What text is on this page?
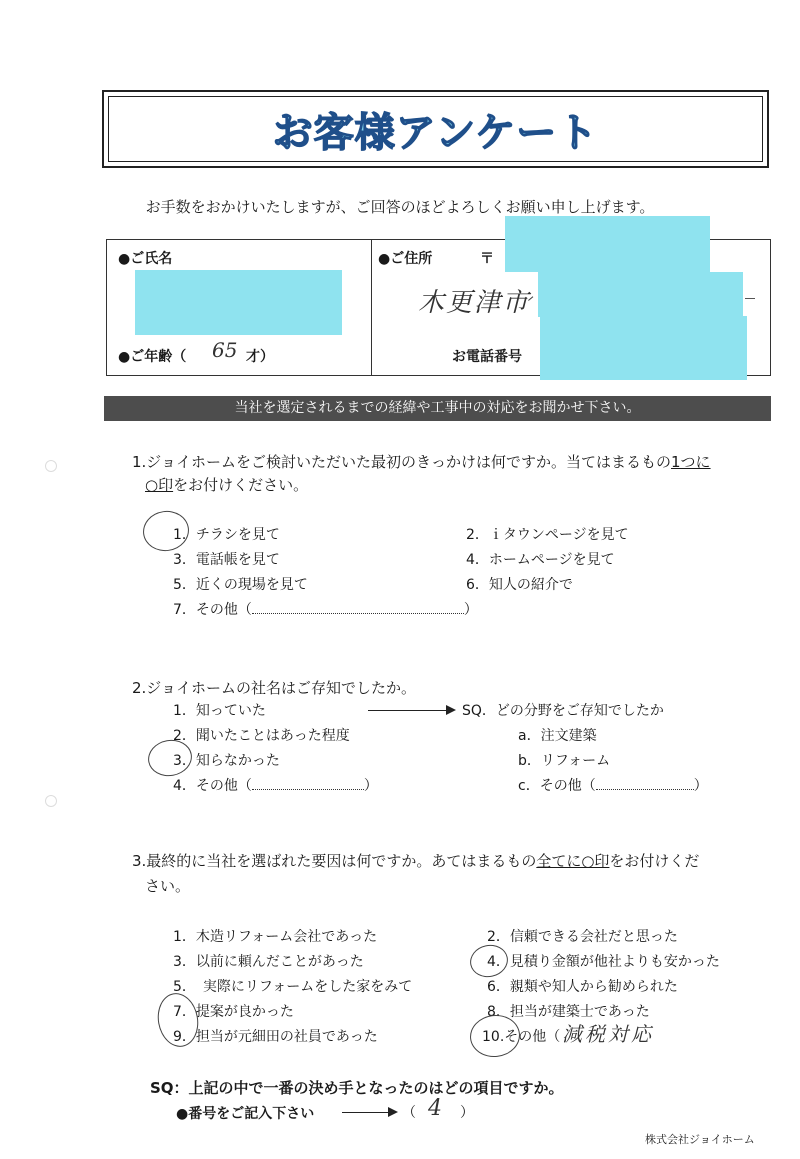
お客様アンケート
お手数をおかけいたしますが、ご回答のほどよろしくお願い申し上げます。
●ご氏名
●ご年齢（ 65 才）
●ご住所	〒
木更津市
お電話番号
当社を選定されるまでの経緯や工事中の対応をお聞かせ下さい。
1.ジョイホームをご検討いただいた最初のきっかけは何ですか。当てはまるもの1つに
○印をお付けください。
1．チラシを見て	2．ｉタウンページを見て
3．電話帳を見て	4．ホームページを見て
5．近くの現場を見て	6．知人の紹介で
7．その他（	）
2.ジョイホームの社名はご存知でしたか。
1．知っていた
2．聞いたことはあった程度
3．知らなかった
4．その他（	）
SQ．どの分野をご存知でしたか
a．注文建築
b．リフォーム
c．その他（	）
3.最終的に当社を選ばれた要因は何ですか。あてはまるもの全てに○印をお付けくだ
さい。
1．木造リフォーム会社であった	2．信頼できる会社だと思った
3．以前に頼んだことがあった	4．見積り金額が他社よりも安かった
5．　実際にリフォームをした家をみて	6．親類や知人から勧められた
7．提案が良かった	8．担当が建築士であった
9．担当が元細田の社員であった	10.その他（ 減税対応
SQ：上記の中で一番の決め手となったのはどの項目ですか。
●番号をご記入下さい	（ 4 ）
株式会社ジョイホーム
